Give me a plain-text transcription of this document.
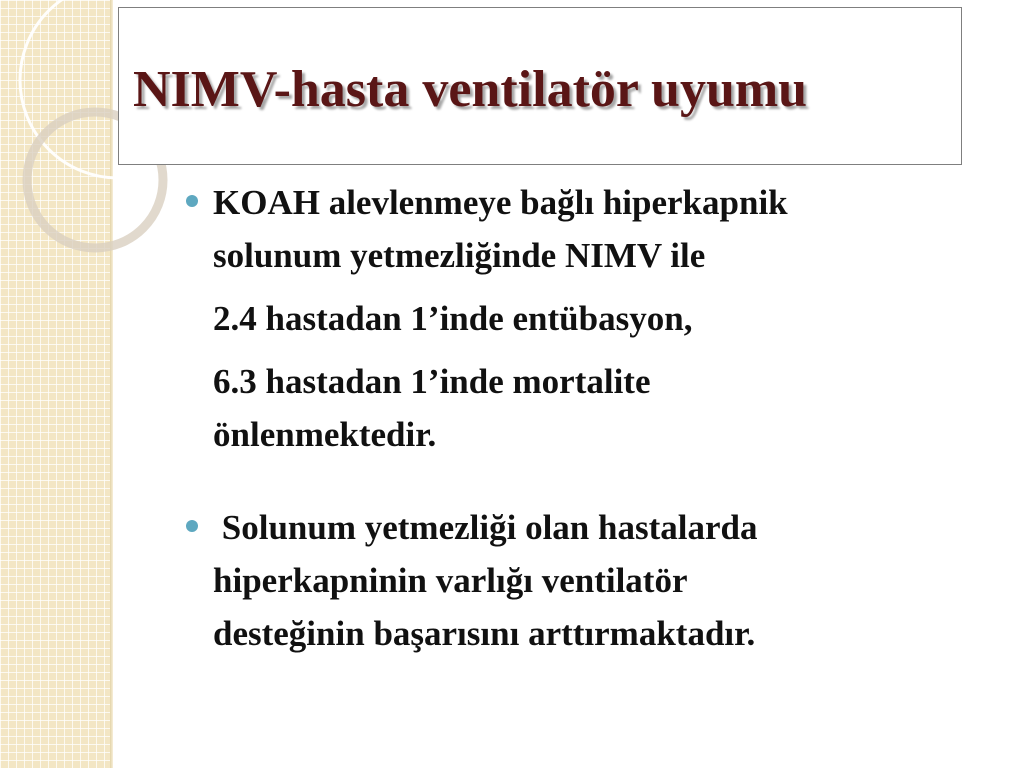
NIMV-hasta ventilatör uyumu
KOAH alevlenmeye bağlı hiperkapnik
solunum yetmezliğinde NIMV ile
2.4 hastadan 1’inde entübasyon,
6.3 hastadan 1’inde mortalite
önlenmektedir.
Solunum yetmezliği olan hastalarda
hiperkapninin varlığı ventilatör
desteğinin başarısını arttırmaktadır.
